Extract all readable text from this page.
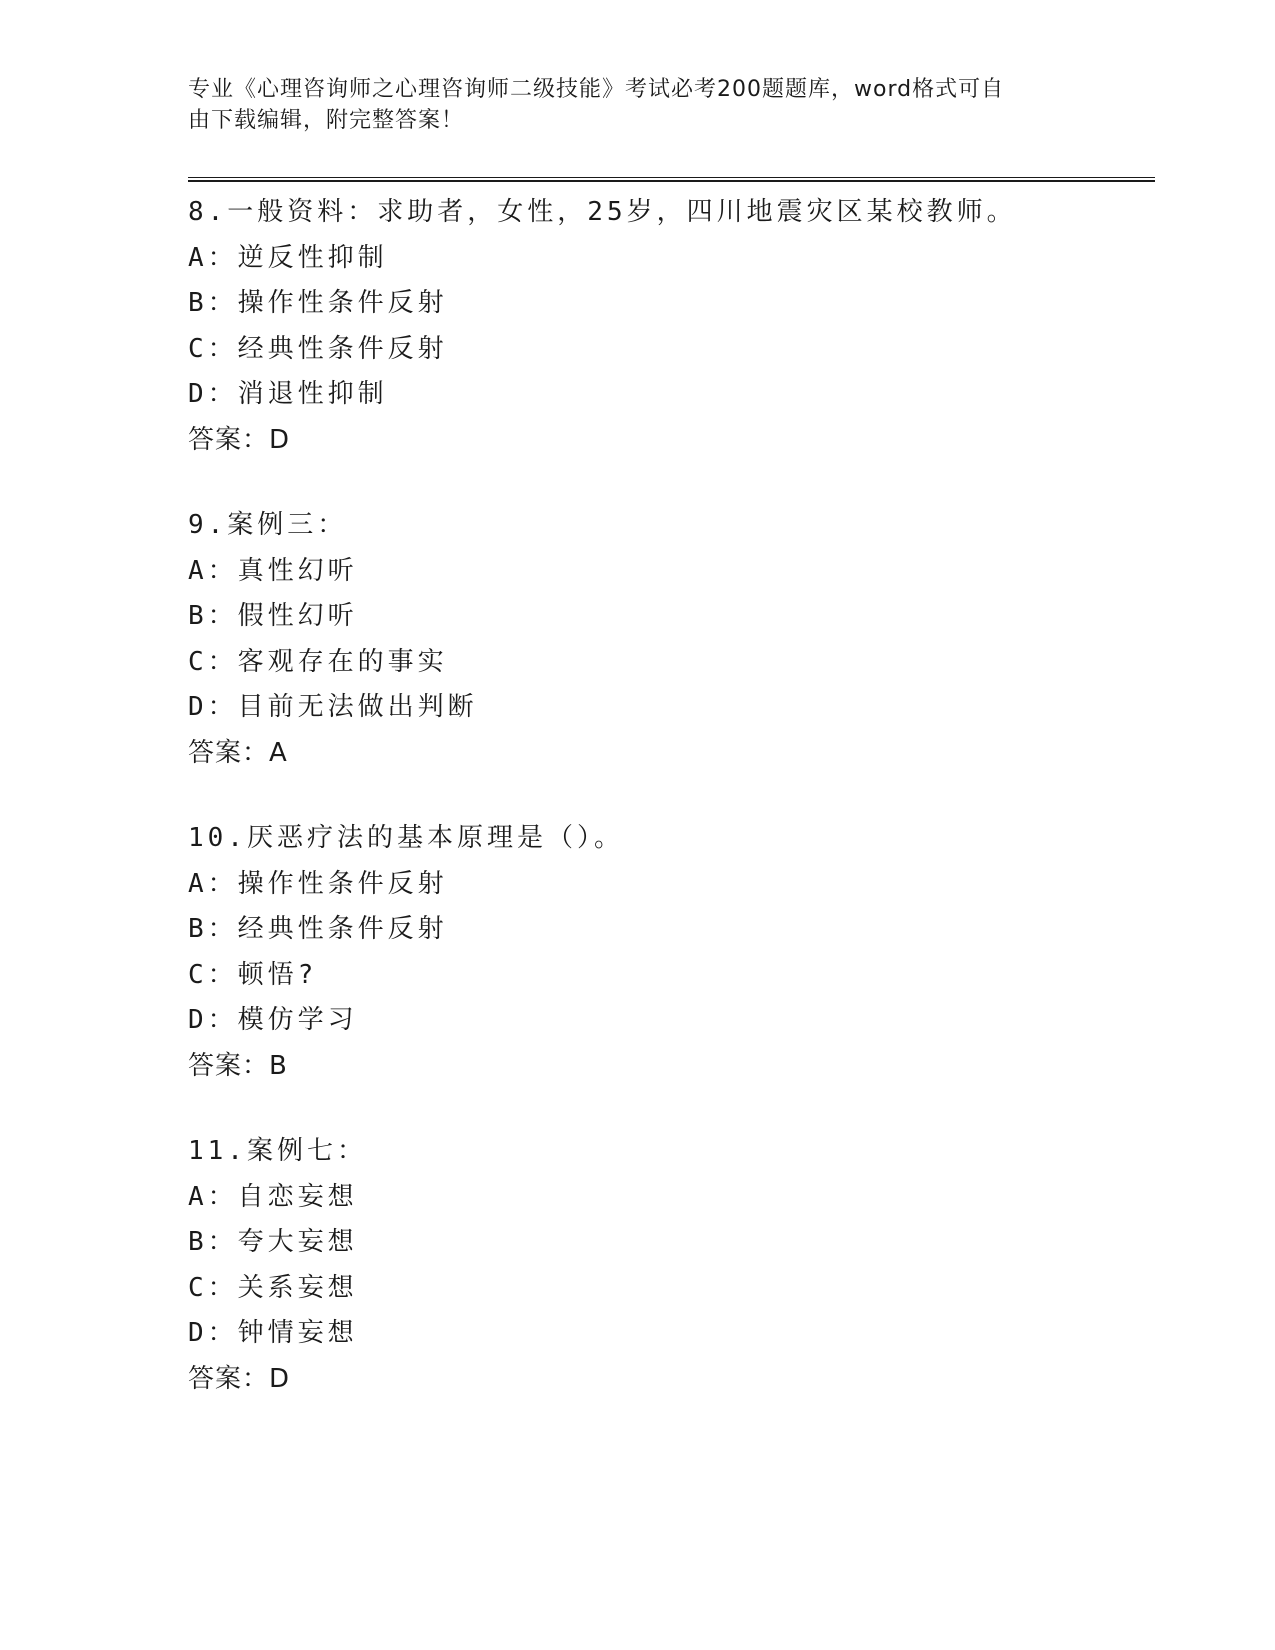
专业《心理咨询师之心理咨询师二级技能》考试必考200题题库，word格式可自
由下载编辑，附完整答案！
8.一般资料：求助者，女性，25岁，四川地震灾区某校教师。
A：逆反性抑制
B：操作性条件反射
C：经典性条件反射
D：消退性抑制
答案：D
9.案例三：
A：真性幻听
B：假性幻听
C：客观存在的事实
D：目前无法做出判断
答案：A
10.厌恶疗法的基本原理是（）。
A：操作性条件反射
B：经典性条件反射
C：顿悟?
D：模仿学习
答案：B
11.案例七：
A：自恋妄想
B：夸大妄想
C：关系妄想
D：钟情妄想
答案：D
